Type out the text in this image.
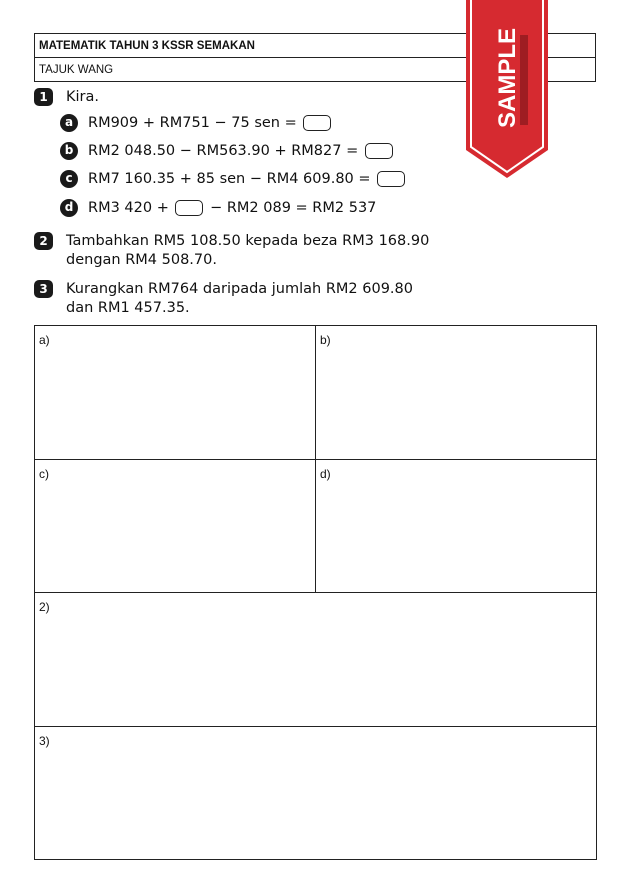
MATEMATIK TAHUN 3 KSSR SEMAKAN
TAJUK WANG	SAMPLE
1	Kira.
a	RM909 + RM751 − 75 sen =
b	RM2 048.50 − RM563.90 + RM827 =
c	RM7 160.35 + 85 sen − RM4 609.80 =
d	RM3 420 +	− RM2 089 = RM2 537
2	Tambahkan RM5 108.50 kepada beza RM3 168.90
dengan RM4 508.70.
3	Kurangkan RM764 daripada jumlah RM2 609.80
dan RM1 457.35.
a)	b)
c)	d)
2)
3)
